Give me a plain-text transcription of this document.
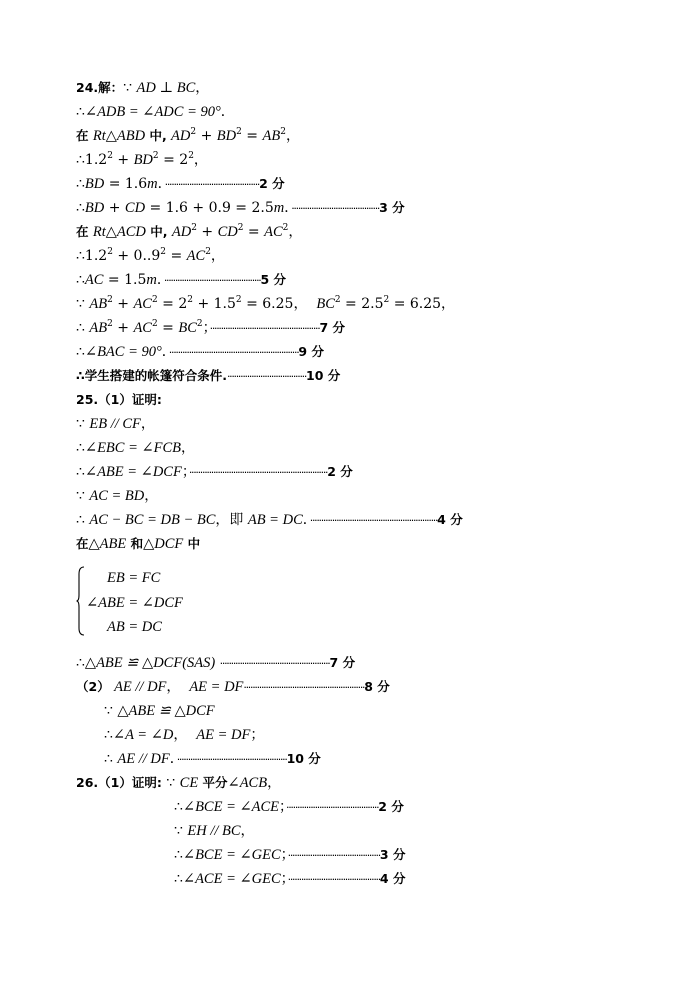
24.解：∵ AD ⊥ BC，
∴∠ADB = ∠ADC = 90°．
在 Rt△ABD 中, $AD^2 + BD^2 = AB^2$，
$\therefore 1.2^2 + BD^2 = 2^2$，
∴BD = 1.6m．···········································2 分
∴BD + CD = 1.6 + 0.9 = 2.5m．········································3 分
在 Rt△ACD 中, $AD^2 + CD^2 = AC^2$，
$\therefore 1.2^2 + 0..9^2 = AC^2$，
∴AC = 1.5m．············································5 分
∵ $AB^2 + AC^2 = 2^2 + 1.5^2 = 6.25$，  $BC^2 = 2.5^2 = 6.25$，
∴ $AB^2 + AC^2 = BC^2$；··················································7 分
∴∠BAC = 90°．···························································9 分
∴学生搭建的帐篷符合条件.····································10 分
25.（1）证明:
∵ EB // CF，
∴∠EBC = ∠FCB，
∴∠ABE = ∠DCF；·······························································2 分
∵ AC = BD，
∴ AC − BC = DB − BC，即 AB = DC．··························································4 分
在△ABE 和△DCF 中
EB = FC
∠ABE = ∠DCF
AB = DC
∴△ABE ≌ △DCF(SAS) ··················································7 分
（2） AE // DF，  AE = DF·······················································8 分
∵ △ABE ≌ △DCF
∴∠A = ∠D，  AE = DF；
∴ AE // DF．··················································10 分
26.（1）证明: ∵ CE 平分∠ACB，
∴∠BCE = ∠ACE；··········································2 分
∵ EH // BC，
∴∠BCE = ∠GEC；··········································3 分
∴∠ACE = ∠GEC；··········································4 分
